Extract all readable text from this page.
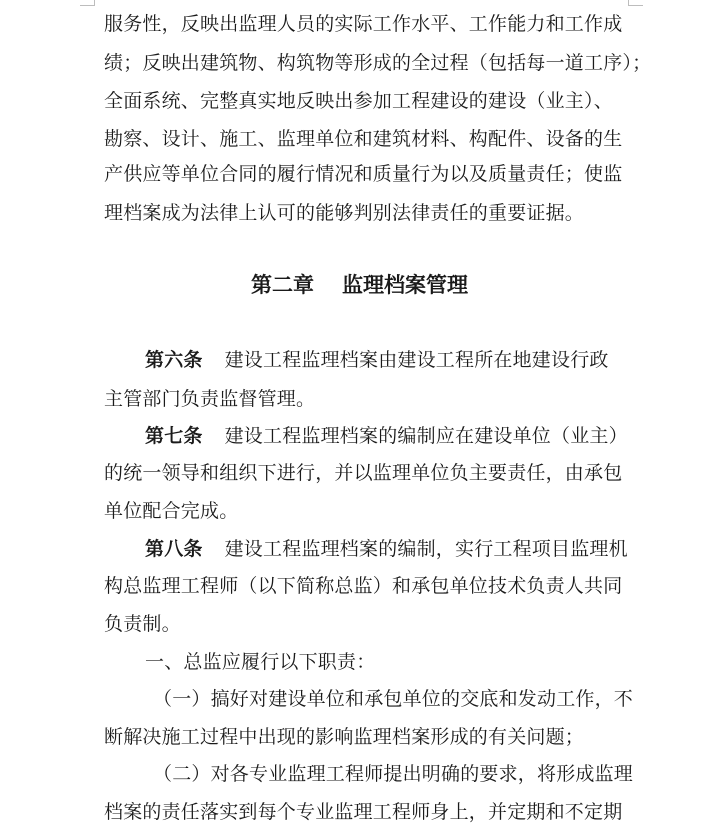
服务性，反映出监理人员的实际工作水平、工作能力和工作成
绩；反映出建筑物、构筑物等形成的全过程（包括每一道工序）；
全面系统、完整真实地反映出参加工程建设的建设（业主）、
勘察、设计、施工、监理单位和建筑材料、构配件、设备的生
产供应等单位合同的履行情况和质量行为以及质量责任；使监
理档案成为法律上认可的能够判别法律责任的重要证据。
第二章 监理档案管理
第六条 建设工程监理档案由建设工程所在地建设行政
主管部门负责监督管理。
第七条 建设工程监理档案的编制应在建设单位（业主）
的统一领导和组织下进行，并以监理单位负主要责任，由承包
单位配合完成。
第八条 建设工程监理档案的编制，实行工程项目监理机
构总监理工程师（以下简称总监）和承包单位技术负责人共同
负责制。
一、总监应履行以下职责：
（一）搞好对建设单位和承包单位的交底和发动工作，不
断解决施工过程中出现的影响监理档案形成的有关问题；
（二）对各专业监理工程师提出明确的要求，将形成监理
档案的责任落实到每个专业监理工程师身上，并定期和不定期
